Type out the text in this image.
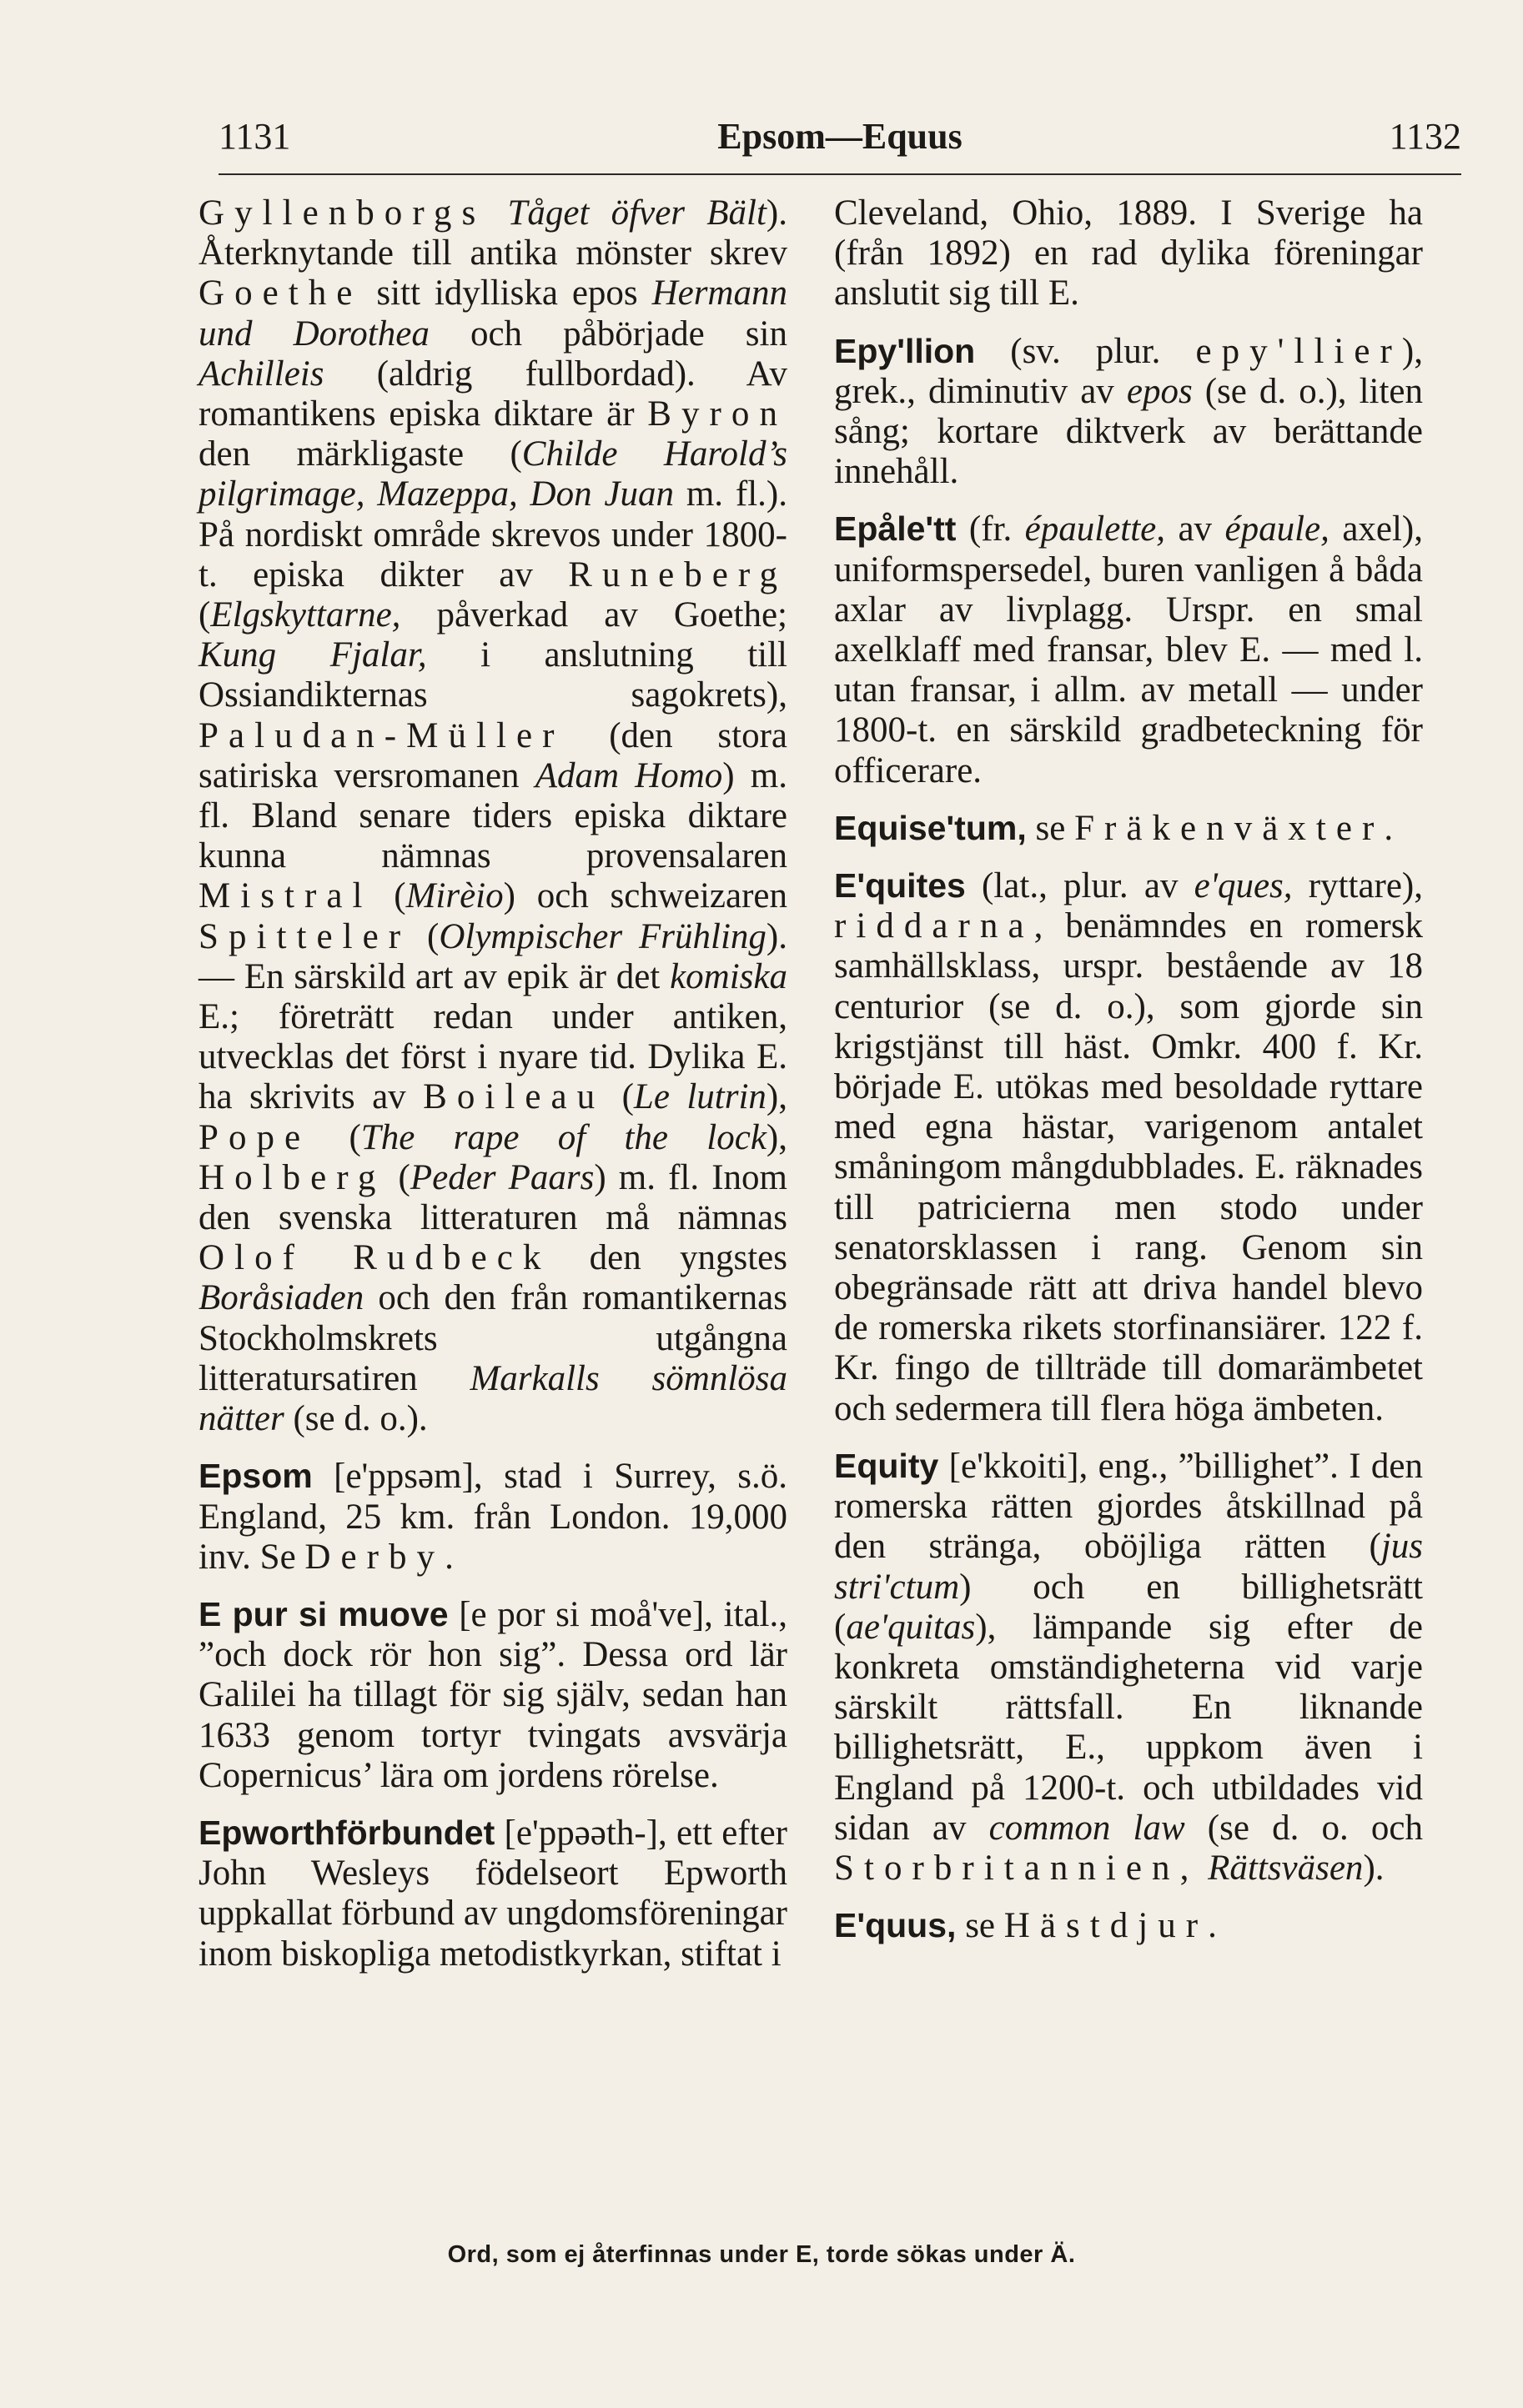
1131	Epsom—Equus	1132

Gyllenborgs Tåget öfver Bält). Återknytande till antika mönster skrev Goethe sitt idylliska epos Hermann und Dorothea och påbörjade sin Achilleis (aldrig fullbordad). Av romantikens episka diktare är Byron den märkligaste (Childe Harold’s pilgrimage, Mazeppa, Don Juan m. fl.). På nordiskt område skrevos under 1800-t. episka dikter av Runeberg (Elgskyttarne, påverkad av Goethe; Kung Fjalar, i anslutning till Ossiandikternas sagokrets), Paludan-Müller (den stora satiriska versromanen Adam Homo) m. fl. Bland senare tiders episka diktare kunna nämnas provensalaren Mistral (Mirèio) och schweizaren Spitteler (Olympischer Frühling). — En särskild art av epik är det komiska E.; företrätt redan under antiken, utvecklas det först i nyare tid. Dylika E. ha skrivits av Boileau (Le lutrin), Pope (The rape of the lock), Holberg (Peder Paars) m. fl. Inom den svenska litteraturen må nämnas Olof Rudbeck den yngstes Boråsiaden och den från romantikernas Stockholmskrets utgångna litteratursatiren Markalls sömnlösa nätter (se d. o.).

Epsom [e'ppsəm], stad i Surrey, s.ö. England, 25 km. från London. 19,000 inv. Se Derby.

E pur si muove [e por si moå've], ital., ”och dock rör hon sig”. Dessa ord lär Galilei ha tillagt för sig själv, sedan han 1633 genom tortyr tvingats avsvärja Copernicus’ lära om jordens rörelse.

Epworthförbundet [e'ppəəth-], ett efter John Wesleys födelseort Epworth uppkallat förbund av ungdomsföreningar inom biskopliga metodistkyrkan, stiftat i

Cleveland, Ohio, 1889. I Sverige ha (från 1892) en rad dylika föreningar anslutit sig till E.

Epy'llion (sv. plur. epy'llier), grek., diminutiv av epos (se d. o.), liten sång; kortare diktverk av berättande innehåll.

Epåle'tt (fr. épaulette, av épaule, axel), uniformspersedel, buren vanligen å båda axlar av livplagg. Urspr. en smal axelklaff med fransar, blev E. — med l. utan fransar, i allm. av metall — under 1800-t. en särskild gradbeteckning för officerare.

Equise'tum, se Fräkenväxter.

E'quites (lat., plur. av e'ques, ryttare), riddarna, benämndes en romersk samhällsklass, urspr. bestående av 18 centurior (se d. o.), som gjorde sin krigstjänst till häst. Omkr. 400 f. Kr. började E. utökas med besoldade ryttare med egna hästar, varigenom antalet småningom mångdubblades. E. räknades till patricierna men stodo under senatorsklassen i rang. Genom sin obegränsade rätt att driva handel blevo de romerska rikets storfinansiärer. 122 f. Kr. fingo de tillträde till domarämbetet och sedermera till flera höga ämbeten.

Equity [e'kkoiti], eng., ”billighet”. I den romerska rätten gjordes åtskillnad på den stränga, oböjliga rätten (jus stri'ctum) och en billighetsrätt (ae'quitas), lämpande sig efter de konkreta omständigheterna vid varje särskilt rättsfall. En liknande billighetsrätt, E., uppkom även i England på 1200-t. och utbildades vid sidan av common law (se d. o. och Storbritannien, Rättsväsen).

E'quus, se Hästdjur.

Ord, som ej återfinnas under E, torde sökas under Ä.
